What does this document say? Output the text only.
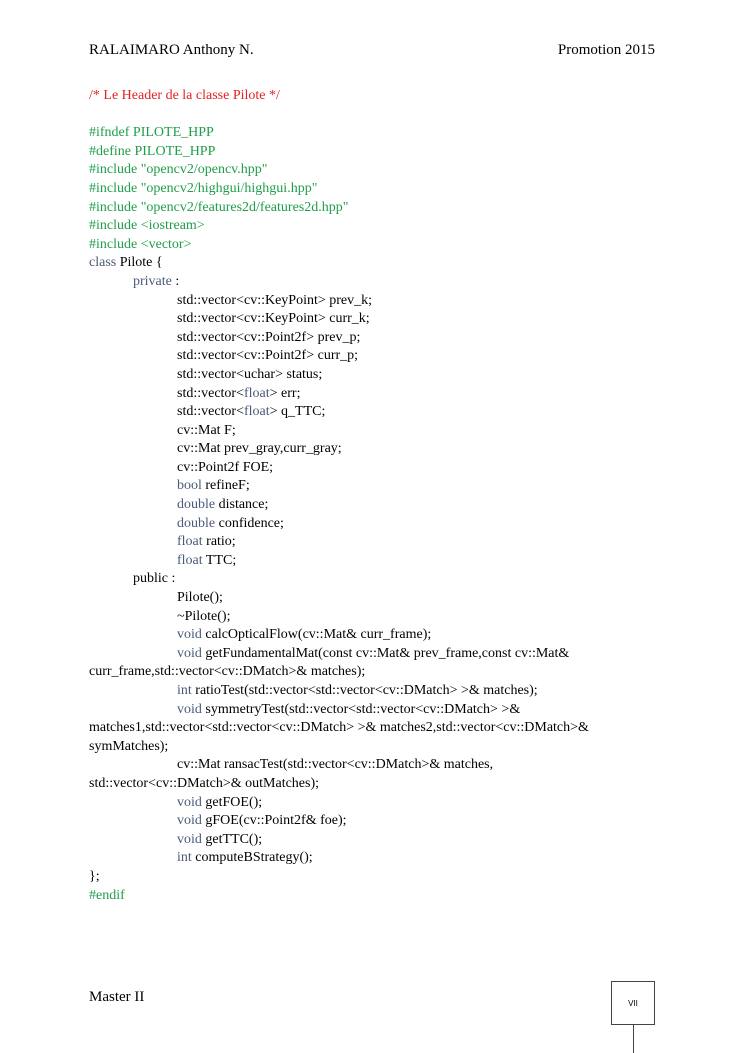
RALAIMARO Anthony N.	Promotion 2015
/* Le Header de la classe Pilote */
#ifndef PILOTE_HPP
#define PILOTE_HPP
#include "opencv2/opencv.hpp"
#include "opencv2/highgui/highgui.hpp"
#include "opencv2/features2d/features2d.hpp"
#include <iostream>
#include <vector>
class Pilote {
private :
std::vector<cv::KeyPoint> prev_k;
std::vector<cv::KeyPoint> curr_k;
std::vector<cv::Point2f> prev_p;
std::vector<cv::Point2f> curr_p;
std::vector<uchar> status;
std::vector<float> err;
std::vector<float> q_TTC;
cv::Mat F;
cv::Mat prev_gray,curr_gray;
cv::Point2f FOE;
bool refineF;
double distance;
double confidence;
float ratio;
float TTC;
public :
Pilote();
~Pilote();
void calcOpticalFlow(cv::Mat& curr_frame);
void getFundamentalMat(const cv::Mat& prev_frame,const cv::Mat&
curr_frame,std::vector<cv::DMatch>& matches);
int ratioTest(std::vector<std::vector<cv::DMatch> >& matches);
void symmetryTest(std::vector<std::vector<cv::DMatch> >&
matches1,std::vector<std::vector<cv::DMatch> >& matches2,std::vector<cv::DMatch>&
symMatches);
cv::Mat ransacTest(std::vector<cv::DMatch>& matches,
std::vector<cv::DMatch>& outMatches);
void getFOE();
void gFOE(cv::Point2f& foe);
void getTTC();
int computeBStrategy();
};
#endif
Master II	VII
